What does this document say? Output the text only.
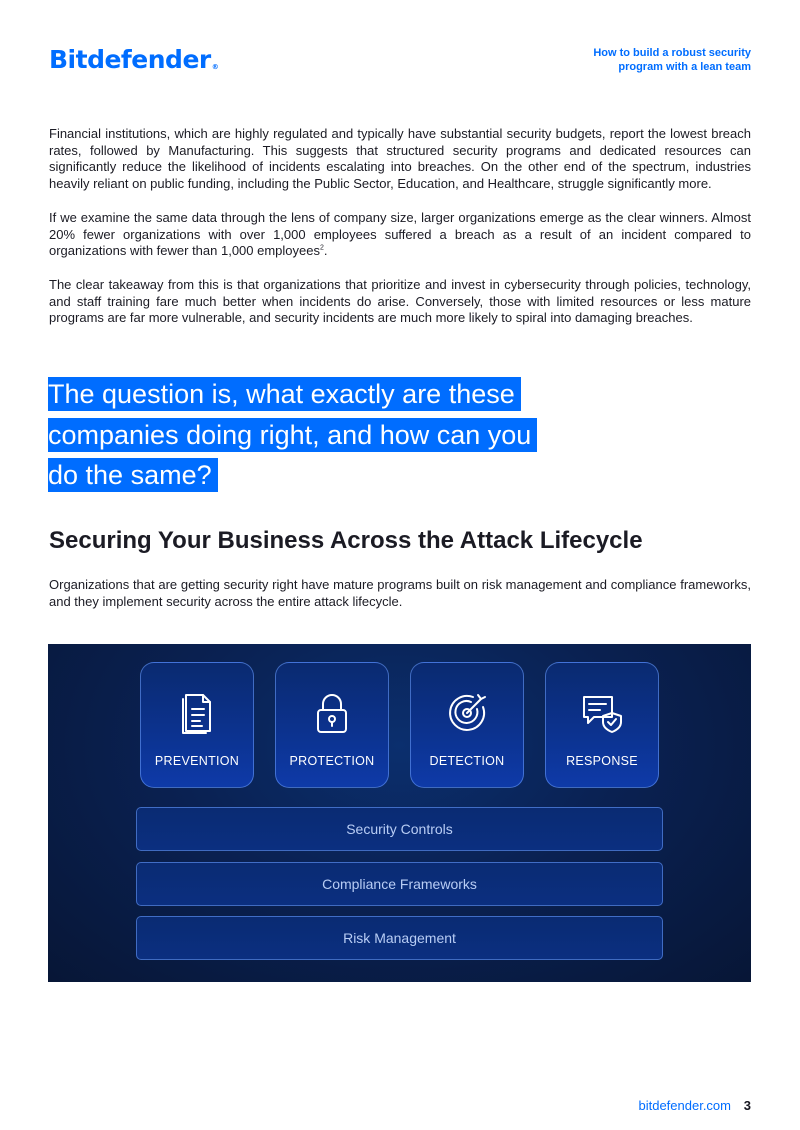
Bitdefender®
How to build a robust security
program with a lean team

Financial institutions, which are highly regulated and typically have substantial security budgets, report the lowest breach rates, followed by Manufacturing. This suggests that structured security programs and dedicated resources can significantly reduce the likelihood of incidents escalating into breaches. On the other end of the spectrum, industries heavily reliant on public funding, including the Public Sector, Education, and Healthcare, struggle significantly more.

If we examine the same data through the lens of company size, larger organizations emerge as the clear winners. Almost 20% fewer organizations with over 1,000 employees suffered a breach as a result of an incident compared to organizations with fewer than 1,000 employees$^2$.

The clear takeaway from this is that organizations that prioritize and invest in cybersecurity through policies, technology, and staff training fare much better when incidents do arise. Conversely, those with limited resources or less mature programs are far more vulnerable, and security incidents are much more likely to spiral into damaging breaches.

The question is, what exactly are these companies doing right, and how can you do the same?
Securing Your Business Across the Attack Lifecycle

Organizations that are getting security right have mature programs built on risk management and compliance frameworks, and they implement security across the entire attack lifecycle.

PREVENTION	PROTECTION	DETECTION	RESPONSE
Security Controls
Compliance Frameworks
Risk Management
bitdefender.com 3
